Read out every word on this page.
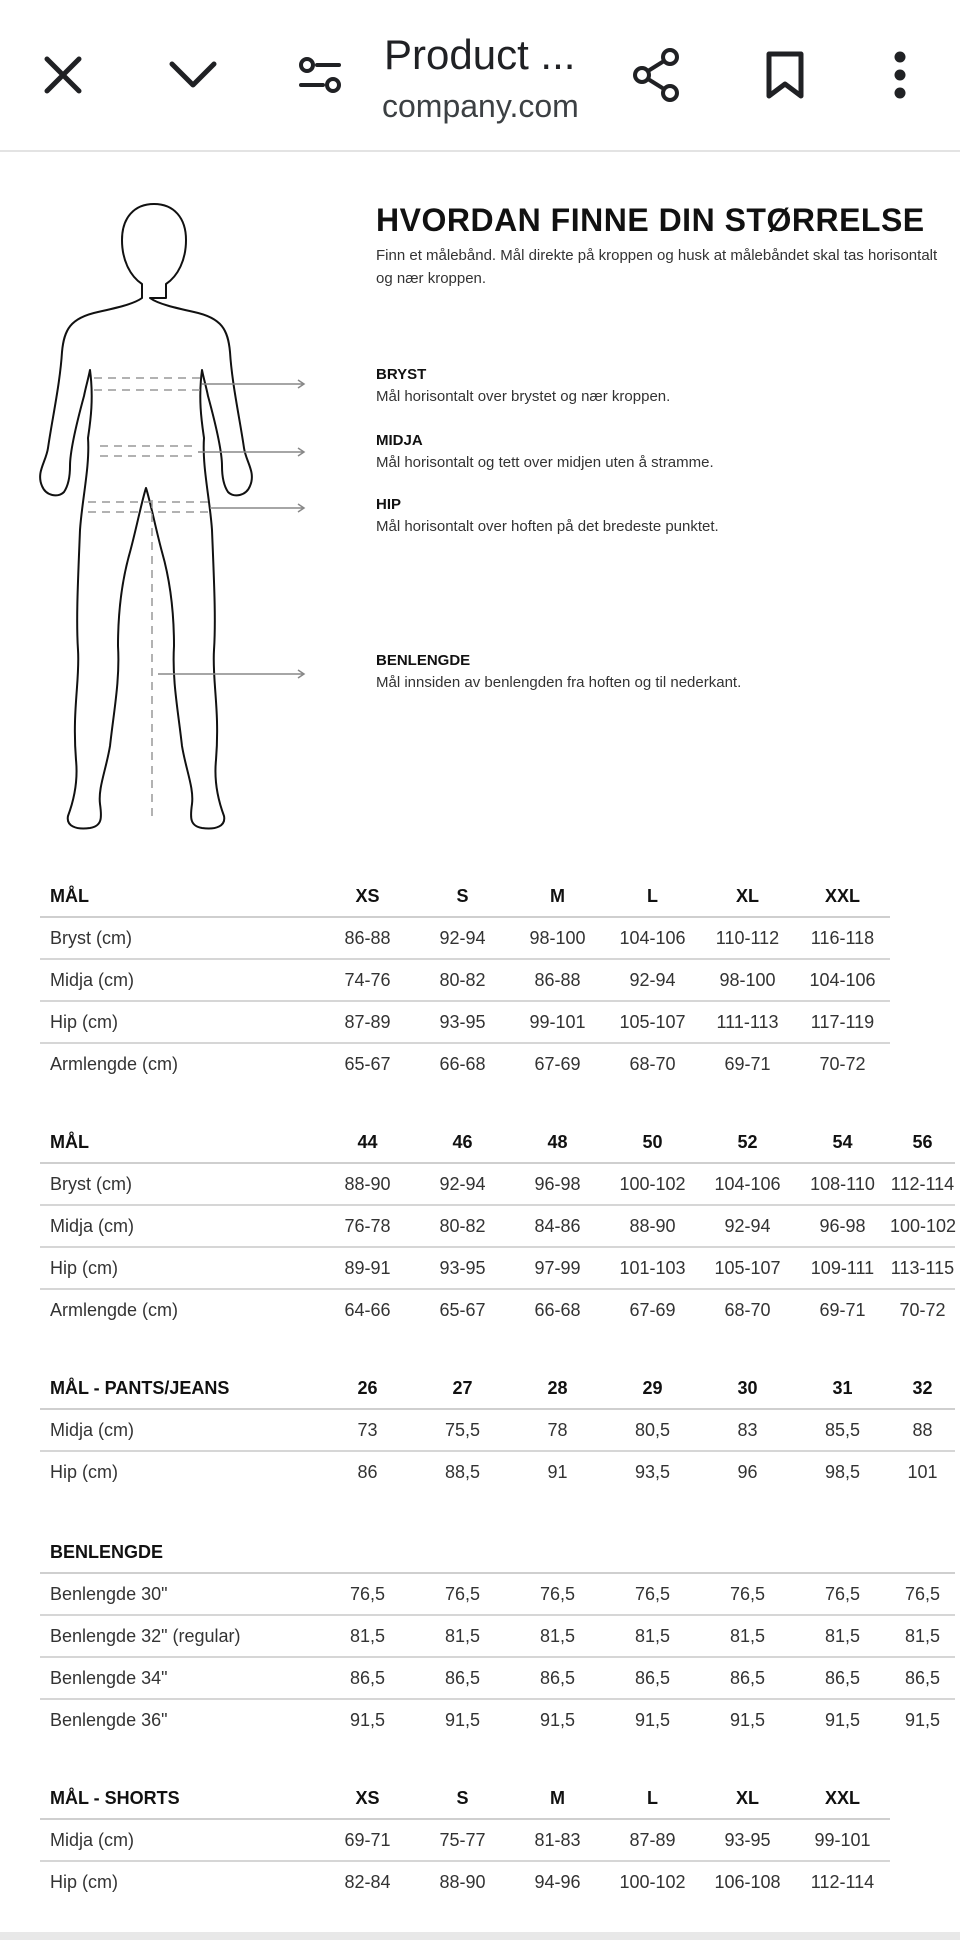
Product ...
company.com
HVORDAN FINNE DIN STØRRELSE
Finn et målebånd. Mål direkte på kroppen og husk at målebåndet skal tas horisontalt og nær kroppen.
BRYST
Mål horisontalt over brystet og nær kroppen.
MIDJA
Mål horisontalt og tett over midjen uten å stramme.
HIP
Mål horisontalt over hoften på det bredeste punktet.
BENLENGDE
Mål innsiden av benlengden fra hoften og til nederkant.
MÅL	XS	S	M	L	XL	XXL
Bryst (cm)	86-88	92-94	98-100	104-106	110-112	116-118
Midja (cm)	74-76	80-82	86-88	92-94	98-100	104-106
Hip (cm)	87-89	93-95	99-101	105-107	111-113	117-119
Armlengde (cm)	65-67	66-68	67-69	68-70	69-71	70-72
MÅL	44	46	48	50	52	54	56
Bryst (cm)	88-90	92-94	96-98	100-102	104-106	108-110	112-114
Midja (cm)	76-78	80-82	84-86	88-90	92-94	96-98	100-102
Hip (cm)	89-91	93-95	97-99	101-103	105-107	109-111	113-115
Armlengde (cm)	64-66	65-67	66-68	67-69	68-70	69-71	70-72
MÅL - PANTS/JEANS	26	27	28	29	30	31	32
Midja (cm)	73	75,5	78	80,5	83	85,5	88
Hip (cm)	86	88,5	91	93,5	96	98,5	101
BENLENGDE							
Benlengde 30"	76,5	76,5	76,5	76,5	76,5	76,5	76,5
Benlengde 32" (regular)	81,5	81,5	81,5	81,5	81,5	81,5	81,5
Benlengde 34"	86,5	86,5	86,5	86,5	86,5	86,5	86,5
Benlengde 36"	91,5	91,5	91,5	91,5	91,5	91,5	91,5
MÅL - SHORTS	XS	S	M	L	XL	XXL
Midja (cm)	69-71	75-77	81-83	87-89	93-95	99-101
Hip (cm)	82-84	88-90	94-96	100-102	106-108	112-114
